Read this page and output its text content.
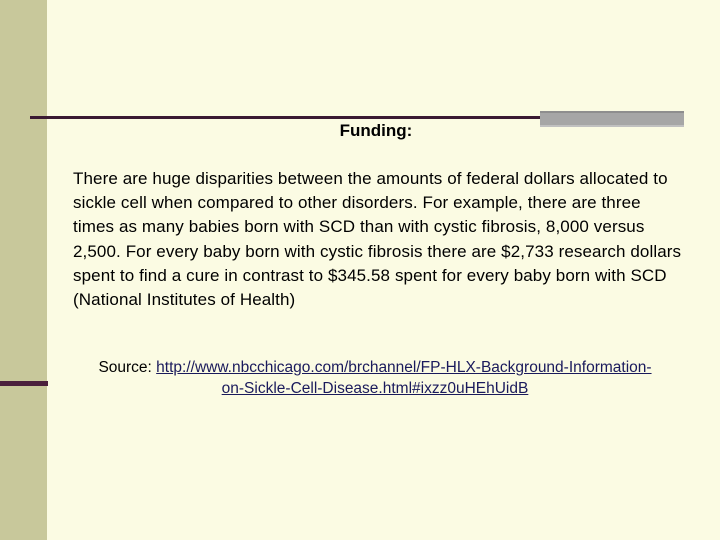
Funding:
There are huge disparities between the amounts of federal dollars allocated to sickle cell when compared to other disorders. For example, there are three times as many babies born with SCD than with cystic fibrosis, 8,000 versus 2,500. For every baby born with cystic fibrosis there are $2,733 research dollars spent to find a cure in contrast to $345.58 spent for every baby born with SCD (National Institutes of Health)
Source: http://www.nbcchicago.com/brchannel/FP-HLX-Background-Information-on-Sickle-Cell-Disease.html#ixzz0uHEhUidB
